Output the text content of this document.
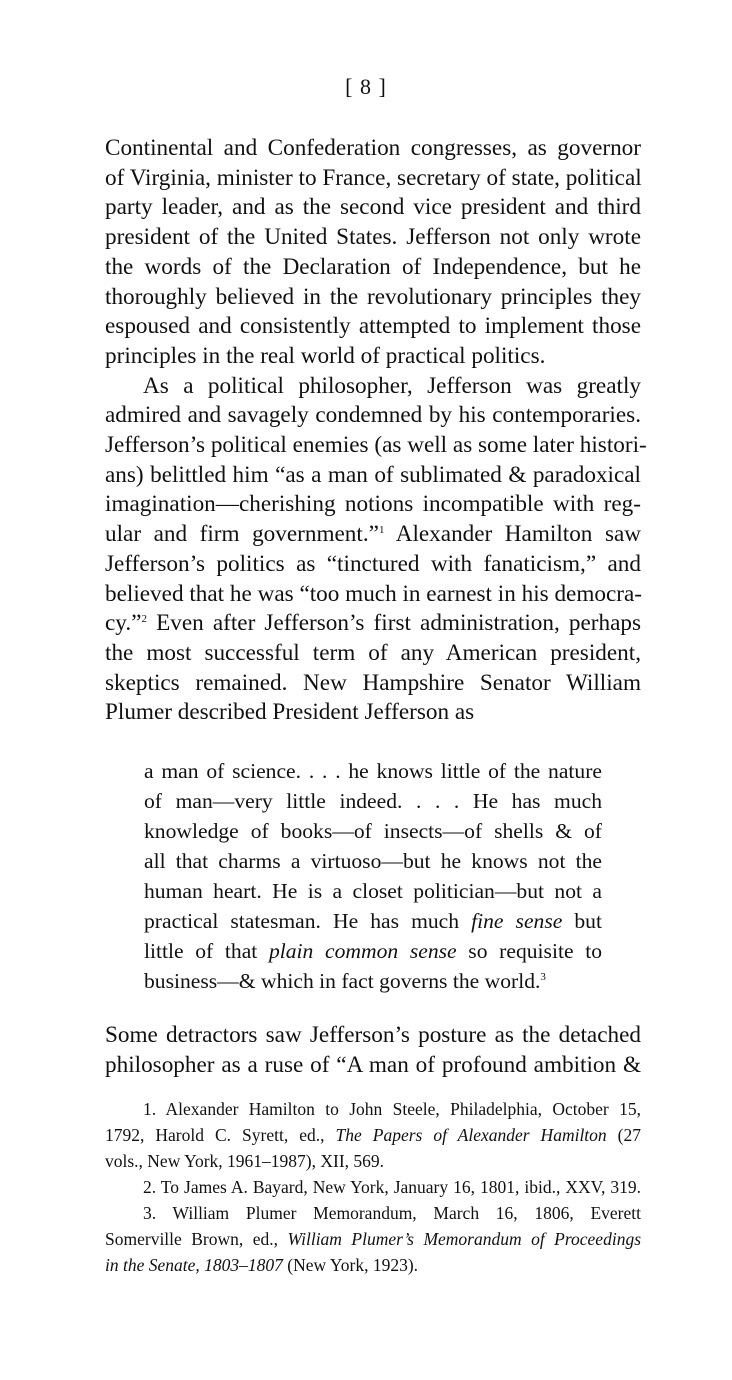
[ 8 ]
Continental and Confederation congresses, as governor
of Virginia, minister to France, secretary of state, political
party leader, and as the second vice president and third
president of the United States. Jefferson not only wrote
the words of the Declaration of Independence, but he
thoroughly believed in the revolutionary principles they
espoused and consistently attempted to implement those
principles in the real world of practical politics.
As a political philosopher, Jefferson was greatly
admired and savagely condemned by his contemporaries.
Jefferson’s political enemies (as well as some later histori-
ans) belittled him “as a man of sublimated & paradoxical
imagination—cherishing notions incompatible with reg-
ular and firm government.”$^1$ Alexander Hamilton saw
Jefferson’s politics as “tinctured with fanaticism,” and
believed that he was “too much in earnest in his democra-
cy.”$^2$ Even after Jefferson’s first administration, perhaps
the most successful term of any American president,
skeptics remained. New Hampshire Senator William
Plumer described President Jefferson as
a man of science. . . . he knows little of the nature
of man—very little indeed. . . . He has much
knowledge of books—of insects—of shells & of
all that charms a virtuoso—but he knows not the
human heart. He is a closet politician—but not a
practical statesman. He has much fine sense but
little of that plain common sense so requisite to
business—& which in fact governs the world.$^3$
Some detractors saw Jefferson’s posture as the detached
philosopher as a ruse of “A man of profound ambition &
1. Alexander Hamilton to John Steele, Philadelphia, October 15,
1792, Harold C. Syrett, ed., The Papers of Alexander Hamilton (27
vols., New York, 1961–1987), XII, 569.
2. To James A. Bayard, New York, January 16, 1801, ibid., XXV, 319.
3. William Plumer Memorandum, March 16, 1806, Everett
Somerville Brown, ed., William Plumer’s Memorandum of Proceedings
in the Senate, 1803–1807 (New York, 1923).
